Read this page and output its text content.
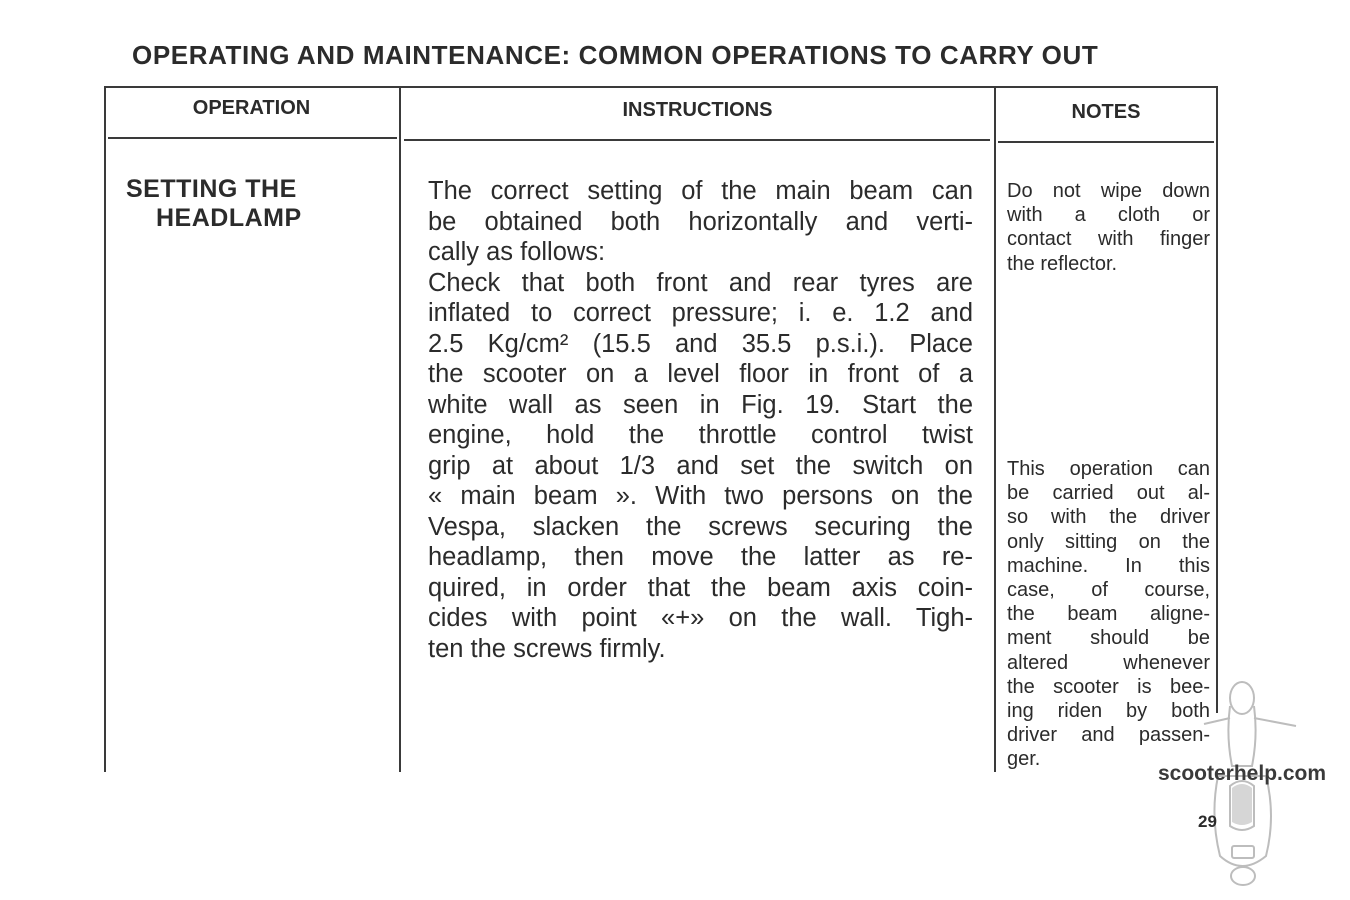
OPERATING AND MAINTENANCE: COMMON OPERATIONS TO CARRY OUT
OPERATION	INSTRUCTIONS	NOTES
SETTING THE
HEADLAMP
The correct setting of the main beam can
be obtained both horizontally and verti-
cally as follows:
Check that both front and rear tyres are
inflated to correct pressure; i. e. 1.2 and
2.5 Kg/cm² (15.5 and 35.5 p.s.i.). Place
the scooter on a level floor in front of a
white wall as seen in Fig. 19. Start the
engine, hold the throttle control twist
grip at about 1/3 and set the switch on
« main beam ». With two persons on the
Vespa, slacken the screws securing the
headlamp, then move the latter as re-
quired, in order that the beam axis coin-
cides with point «+» on the wall. Tigh-
ten the screws firmly.
Do not wipe down
with a cloth or
contact with finger
the reflector.
This operation can
be carried out al-
so with the driver
only sitting on the
machine. In this
case, of course,
the beam aligne-
ment should be
altered whenever
the scooter is bee-
ing riden by both
driver and passen-
ger.
scooterhelp.com
29
